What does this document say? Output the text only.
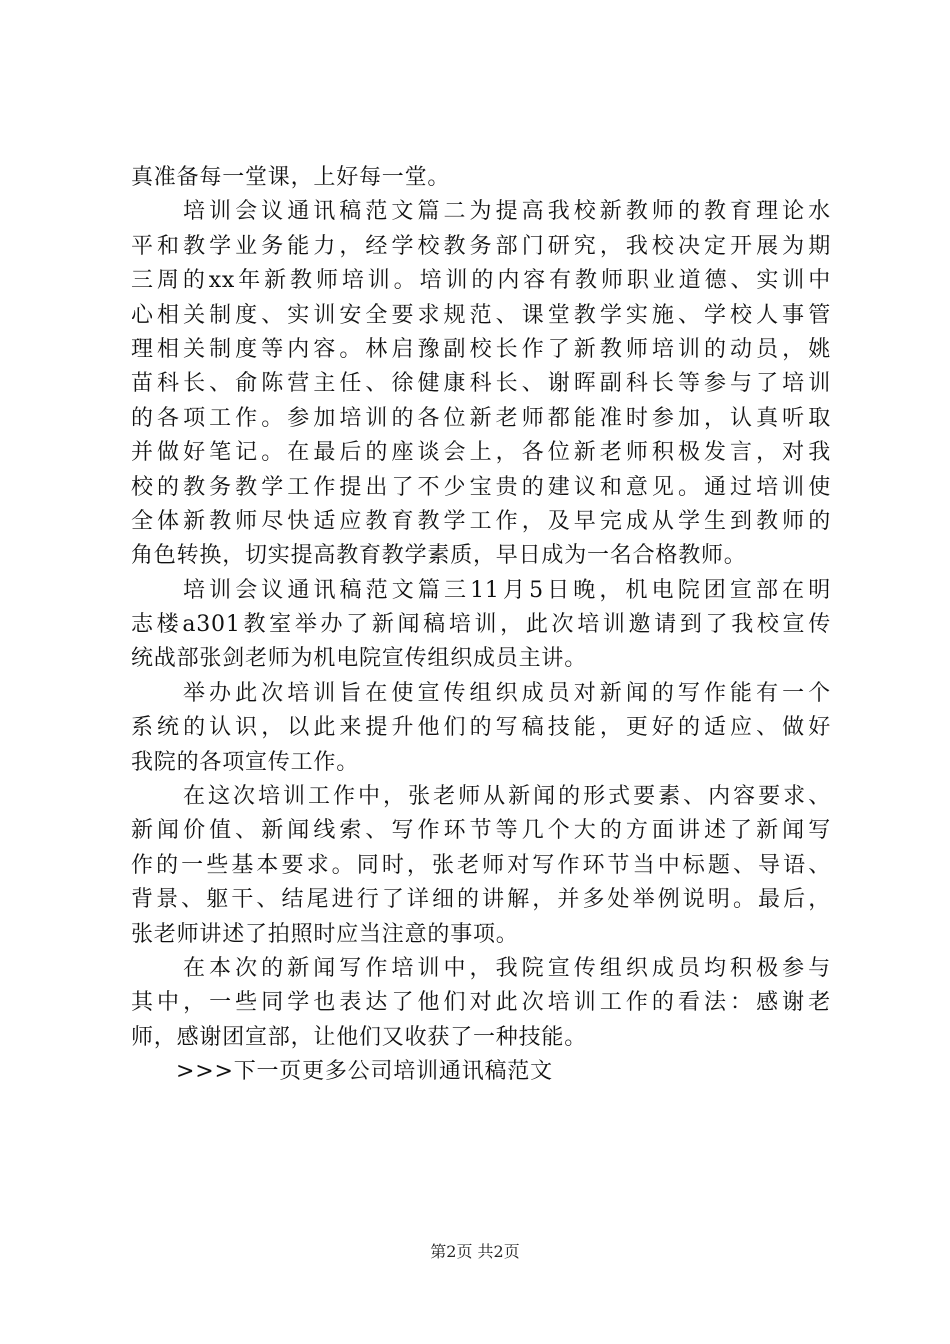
真准备每一堂课，上好每一堂。
培训会议通讯稿范文篇二为提高我校新教师的教育理论水
平和教学业务能力，经学校教务部门研究，我校决定开展为期
三周的xx年新教师培训。培训的内容有教师职业道德、实训中
心相关制度、实训安全要求规范、课堂教学实施、学校人事管
理相关制度等内容。林启豫副校长作了新教师培训的动员，姚
苗科长、俞陈营主任、徐健康科长、谢晖副科长等参与了培训
的各项工作。参加培训的各位新老师都能准时参加，认真听取
并做好笔记。在最后的座谈会上，各位新老师积极发言，对我
校的教务教学工作提出了不少宝贵的建议和意见。通过培训使
全体新教师尽快适应教育教学工作，及早完成从学生到教师的
角色转换，切实提高教育教学素质，早日成为一名合格教师。
培训会议通讯稿范文篇三11月5日晚，机电院团宣部在明
志楼a301教室举办了新闻稿培训，此次培训邀请到了我校宣传
统战部张剑老师为机电院宣传组织成员主讲。
举办此次培训旨在使宣传组织成员对新闻的写作能有一个
系统的认识，以此来提升他们的写稿技能，更好的适应、做好
我院的各项宣传工作。
在这次培训工作中，张老师从新闻的形式要素、内容要求、
新闻价值、新闻线索、写作环节等几个大的方面讲述了新闻写
作的一些基本要求。同时，张老师对写作环节当中标题、导语、
背景、躯干、结尾进行了详细的讲解，并多处举例说明。最后，
张老师讲述了拍照时应当注意的事项。
在本次的新闻写作培训中，我院宣传组织成员均积极参与
其中，一些同学也表达了他们对此次培训工作的看法：感谢老
师，感谢团宣部，让他们又收获了一种技能。
>>>下一页更多公司培训通讯稿范文
第2页 共2页
